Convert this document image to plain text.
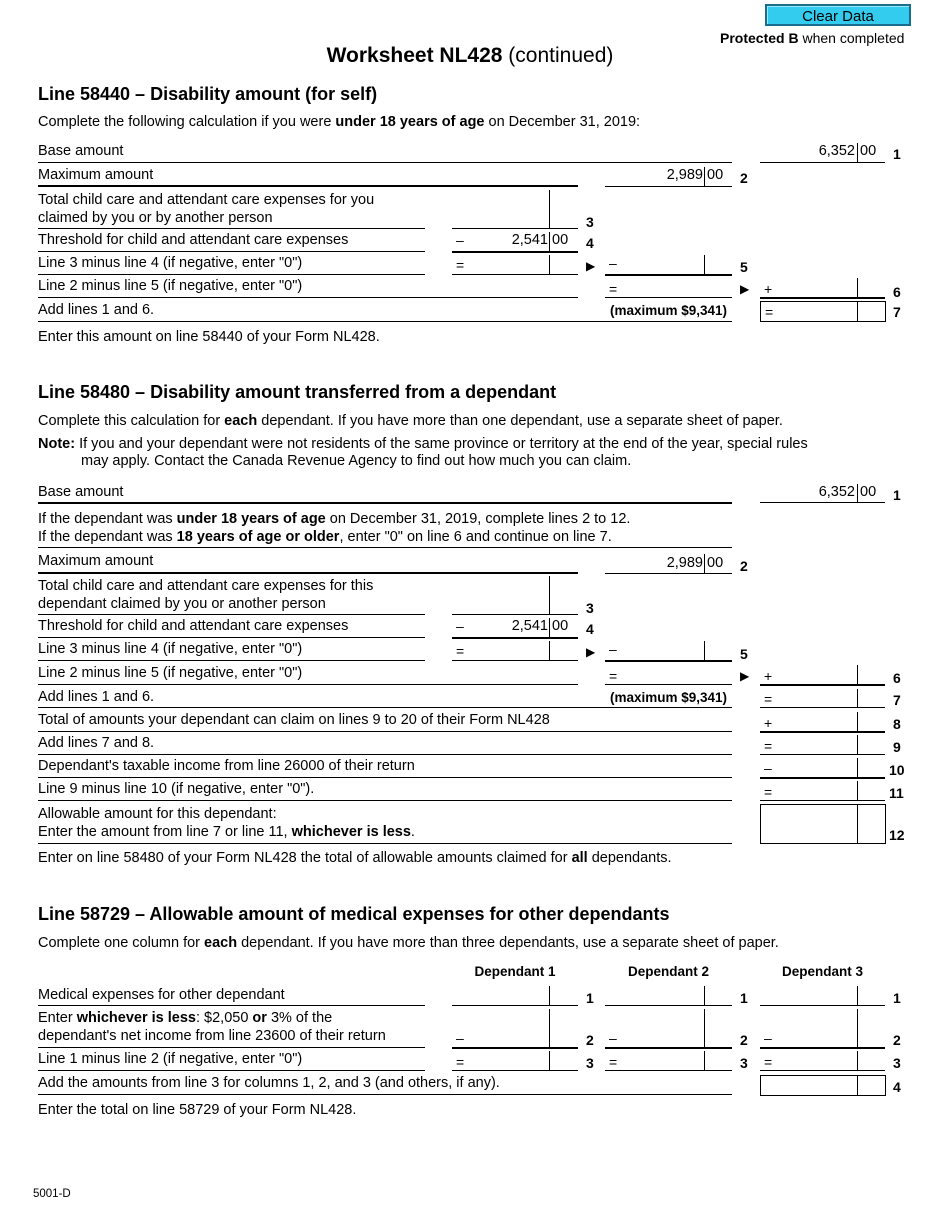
Clear Data
Protected B when completed
Worksheet NL428 (continued)
Line 58440 – Disability amount (for self)
Complete the following calculation if you were under 18 years of age on December 31, 2019:
Base amount	6,352 00 1
Maximum amount	2,989 00 2
Total child care and attendant care expenses for you
claimed by you or by another person	3
Threshold for child and attendant care expenses	–	2,541 00 4
Line 3 minus line 4 (if negative, enter "0")	=	▶ –	5
Line 2 minus line 5 (if negative, enter "0")	=	▶ +	6
Add lines 1 and 6.	(maximum $9,341)	=	7
Enter this amount on line 58440 of your Form NL428.
Line 58480 – Disability amount transferred from a dependant
Complete this calculation for each dependant. If you have more than one dependant, use a separate sheet of paper.
Note: If you and your dependant were not residents of the same province or territory at the end of the year, special rules
may apply. Contact the Canada Revenue Agency to find out how much you can claim.
Base amount	6,352 00 1
If the dependant was under 18 years of age on December 31, 2019, complete lines 2 to 12.
If the dependant was 18 years of age or older, enter "0" on line 6 and continue on line 7.
Maximum amount	2,989 00 2
Total child care and attendant care expenses for this
dependant claimed by you or another person	3
Threshold for child and attendant care expenses	–	2,541 00 4
Line 3 minus line 4 (if negative, enter "0")	=	▶ –	5
Line 2 minus line 5 (if negative, enter "0")	=	▶ +	6
Add lines 1 and 6.	(maximum $9,341)	=	7
Total of amounts your dependant can claim on lines 9 to 20 of their Form NL428	+	8
Add lines 7 and 8.	=	9
Dependant's taxable income from line 26000 of their return	–	10
Line 9 minus line 10 (if negative, enter "0").	=	11
Allowable amount for this dependant:
Enter the amount from line 7 or line 11, whichever is less.	12
Enter on line 58480 of your Form NL428 the total of allowable amounts claimed for all dependants.
Line 58729 – Allowable amount of medical expenses for other dependants
Complete one column for each dependant. If you have more than three dependants, use a separate sheet of paper.
Dependant 1	Dependant 2	Dependant 3
Medical expenses for other dependant	1	1	1
Enter whichever is less: $2,050 or 3% of the
dependant's net income from line 23600 of their return	–	2 –	2 –	2
Line 1 minus line 2 (if negative, enter "0")	=	3 =	3 =	3
Add the amounts from line 3 for columns 1, 2, and 3 (and others, if any).	4
Enter the total on line 58729 of your Form NL428.
5001-D
